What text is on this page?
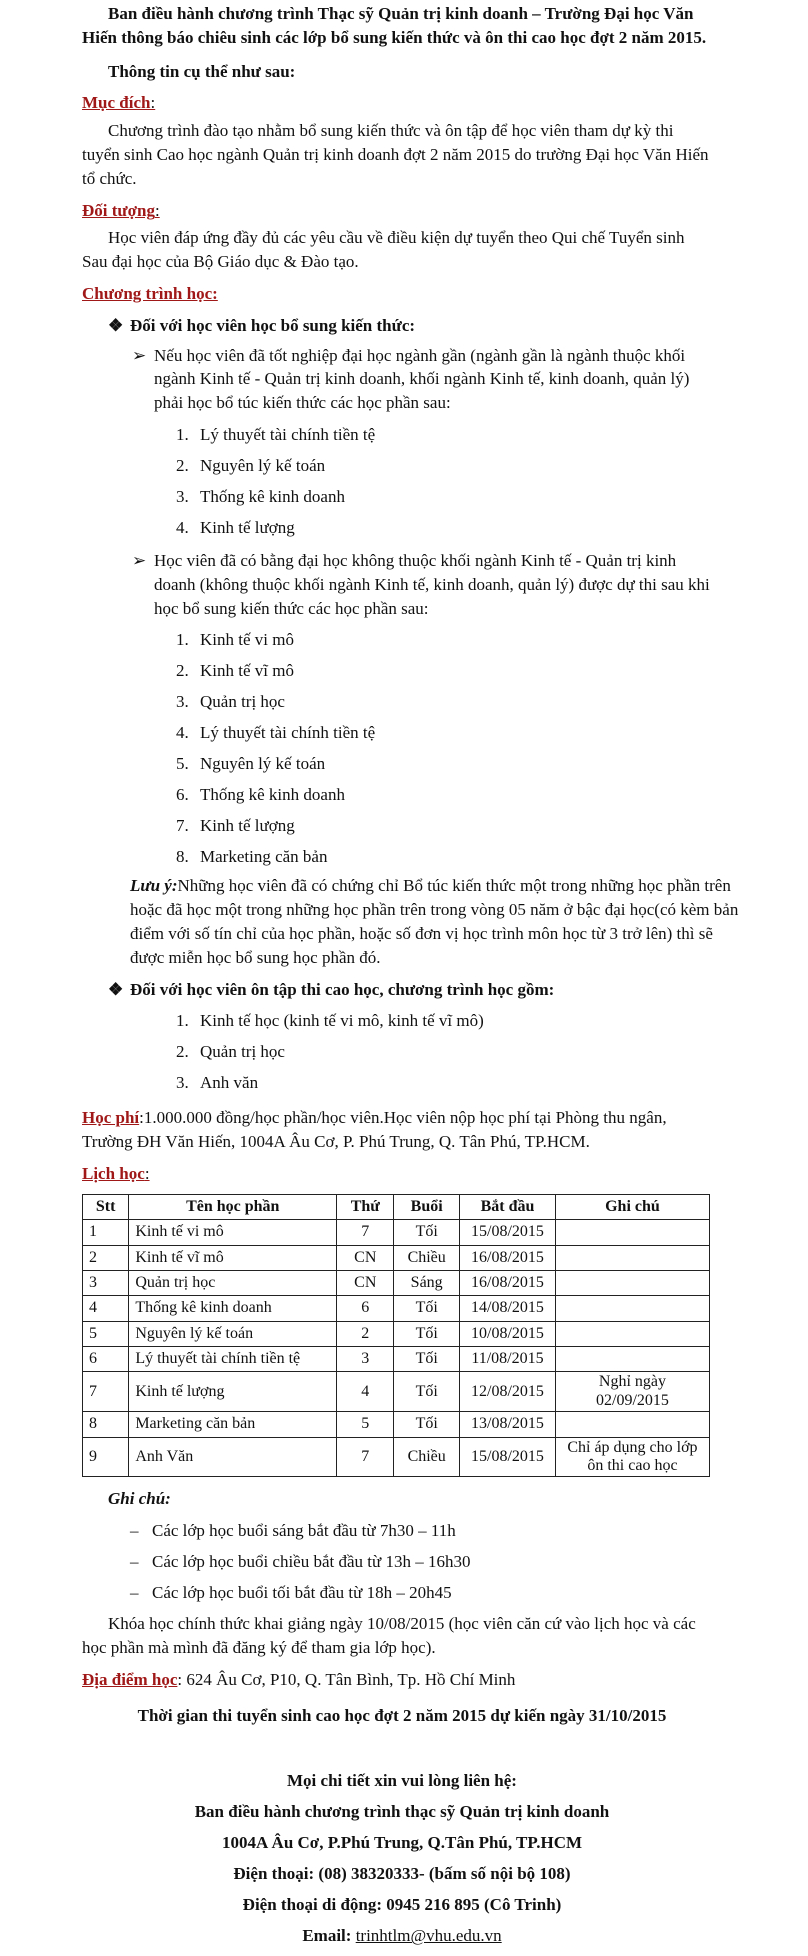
Ban điều hành chương trình Thạc sỹ Quản trị kinh doanh – Trường Đại học Văn Hiến thông báo chiêu sinh các lớp bổ sung kiến thức và ôn thi cao học đợt 2 năm 2015.

Thông tin cụ thể như sau:

Mục đích:

Chương trình đào tạo nhằm bổ sung kiến thức và ôn tập để học viên tham dự kỳ thi tuyển sinh Cao học ngành Quản trị kinh doanh đợt 2 năm 2015 do trường Đại học Văn Hiến tổ chức.

Đối tượng:

Học viên đáp ứng đầy đủ các yêu cầu về điều kiện dự tuyển theo Qui chế Tuyển sinh Sau đại học của Bộ Giáo dục & Đào tạo.

Chương trình học:

❖ Đối với học viên học bổ sung kiến thức:
➢ Nếu học viên đã tốt nghiệp đại học ngành gần (ngành gần là ngành thuộc khối ngành Kinh tế - Quản trị kinh doanh, khối ngành Kinh tế, kinh doanh, quản lý) phải học bổ túc kiến thức các học phần sau:
1. Lý thuyết tài chính tiền tệ
2. Nguyên lý kế toán
3. Thống kê kinh doanh
4. Kinh tế lượng
➢ Học viên đã có bằng đại học không thuộc khối ngành Kinh tế - Quản trị kinh doanh (không thuộc khối ngành Kinh tế, kinh doanh, quản lý) được dự thi sau khi học bổ sung kiến thức các học phần sau:
1. Kinh tế vi mô
2. Kinh tế vĩ mô
3. Quản trị học
4. Lý thuyết tài chính tiền tệ
5. Nguyên lý kế toán
6. Thống kê kinh doanh
7. Kinh tế lượng
8. Marketing căn bản

Lưu ý:Những học viên đã có chứng chỉ Bổ túc kiến thức một trong những học phần trên hoặc đã học một trong những học phần trên trong vòng 05 năm ở bậc đại học(có kèm bản điểm với số tín chỉ của học phần, hoặc số đơn vị học trình môn học từ 3 trở lên) thì sẽ được miễn học bổ sung học phần đó.

❖ Đối với học viên ôn tập thi cao học, chương trình học gồm:
1. Kinh tế học (kinh tế vi mô, kinh tế vĩ mô)
2. Quản trị học
3. Anh văn

Học phí:1.000.000 đồng/học phần/học viên.Học viên nộp học phí tại Phòng thu ngân, Trường ĐH Văn Hiến, 1004A Âu Cơ, P. Phú Trung, Q. Tân Phú, TP.HCM.

Lịch học:

Stt	Tên học phần	Thứ	Buổi	Bắt đầu	Ghi chú
1	Kinh tế vi mô	7	Tối	15/08/2015	
2	Kinh tế vĩ mô	CN	Chiều	16/08/2015	
3	Quản trị học	CN	Sáng	16/08/2015	
4	Thống kê kinh doanh	6	Tối	14/08/2015	
5	Nguyên lý kế toán	2	Tối	10/08/2015	
6	Lý thuyết tài chính tiền tệ	3	Tối	11/08/2015	
7	Kinh tế lượng	4	Tối	12/08/2015	Nghỉ ngày 02/09/2015
8	Marketing căn bản	5	Tối	13/08/2015	
9	Anh Văn	7	Chiều	15/08/2015	Chỉ áp dụng cho lớp ôn thi cao học

Ghi chú:

– Các lớp học buổi sáng bắt đầu từ 7h30 – 11h
– Các lớp học buổi chiều bắt đầu từ 13h – 16h30
– Các lớp học buổi tối bắt đầu từ 18h – 20h45

Khóa học chính thức khai giảng ngày 10/08/2015 (học viên căn cứ vào lịch học và các học phần mà mình đã đăng ký để tham gia lớp học).

Địa điểm học: 624 Âu Cơ, P10, Q. Tân Bình, Tp. Hồ Chí Minh

Thời gian thi tuyển sinh cao học đợt 2 năm 2015 dự kiến ngày 31/10/2015

Mọi chi tiết xin vui lòng liên hệ:
Ban điều hành chương trình thạc sỹ Quản trị kinh doanh
1004A Âu Cơ, P.Phú Trung, Q.Tân Phú, TP.HCM
Điện thoại: (08) 38320333- (bấm số nội bộ 108)
Điện thoại di động: 0945 216 895 (Cô Trinh)
Email: trinhtlm@vhu.edu.vn
